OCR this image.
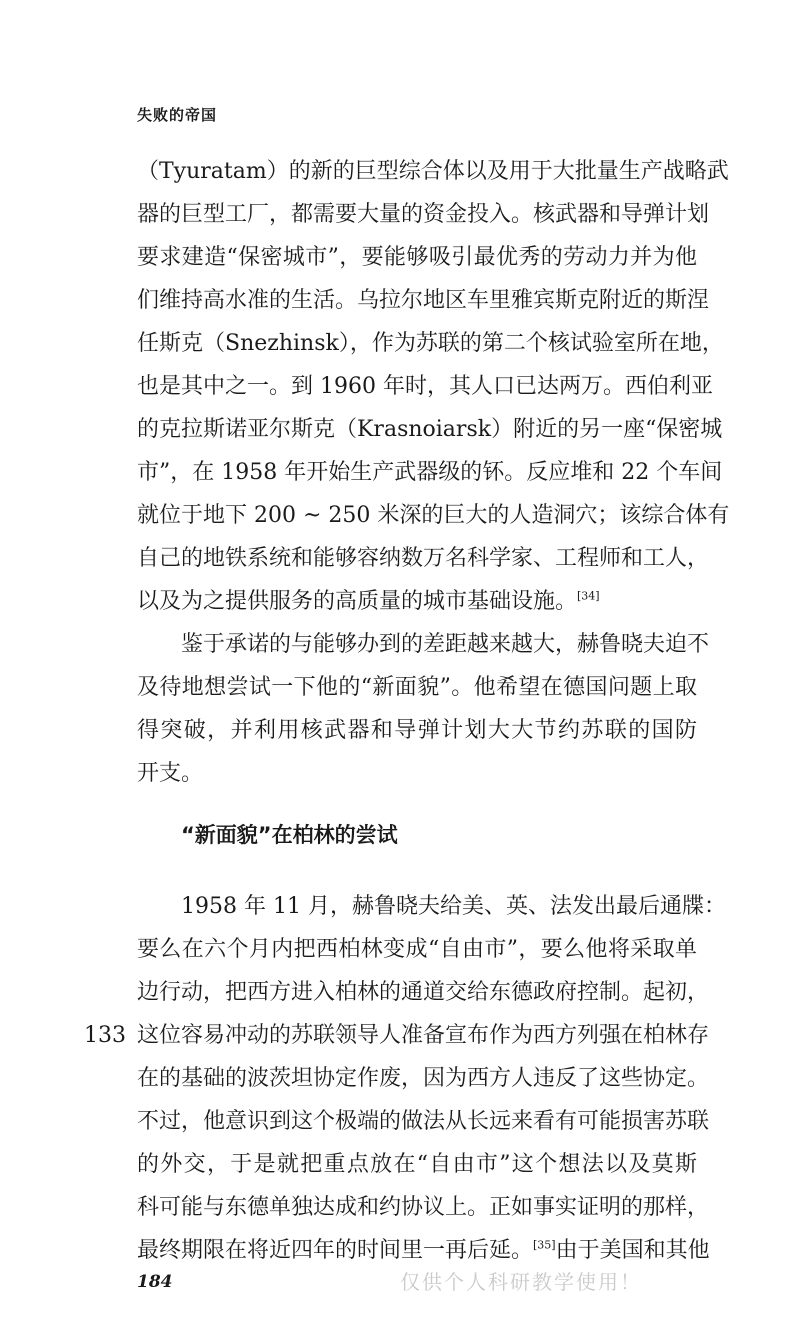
失败的帝国
（Tyuratam）的新的巨型综合体以及用于大批量生产战略武
器的巨型工厂，都需要大量的资金投入。核武器和导弹计划
要求建造“保密城市”，要能够吸引最优秀的劳动力并为他
们维持高水准的生活。乌拉尔地区车里雅宾斯克附近的斯涅
任斯克（Snezhinsk），作为苏联的第二个核试验室所在地，
也是其中之一。到 1960 年时，其人口已达两万。西伯利亚
的克拉斯诺亚尔斯克（Krasnoiarsk）附近的另一座“保密城
市”，在 1958 年开始生产武器级的钚。反应堆和 22 个车间
就位于地下 200 ~ 250 米深的巨大的人造洞穴；该综合体有
自己的地铁系统和能够容纳数万名科学家、工程师和工人，
以及为之提供服务的高质量的城市基础设施。[34]
鉴于承诺的与能够办到的差距越来越大，赫鲁晓夫迫不
及待地想尝试一下他的“新面貌”。他希望在德国问题上取
得突破，并利用核武器和导弹计划大大节约苏联的国防
开支。
“新面貌”在柏林的尝试
1958 年 11 月，赫鲁晓夫给美、英、法发出最后通牒：
要么在六个月内把西柏林变成“自由市”，要么他将采取单
边行动，把西方进入柏林的通道交给东德政府控制。起初，
这位容易冲动的苏联领导人准备宣布作为西方列强在柏林存
在的基础的波茨坦协定作废，因为西方人违反了这些协定。
不过，他意识到这个极端的做法从长远来看有可能损害苏联
的外交，于是就把重点放在“自由市”这个想法以及莫斯
科可能与东德单独达成和约协议上。正如事实证明的那样，
最终期限在将近四年的时间里一再后延。[35]由于美国和其他
133
184	仅供个人科研教学使用！
